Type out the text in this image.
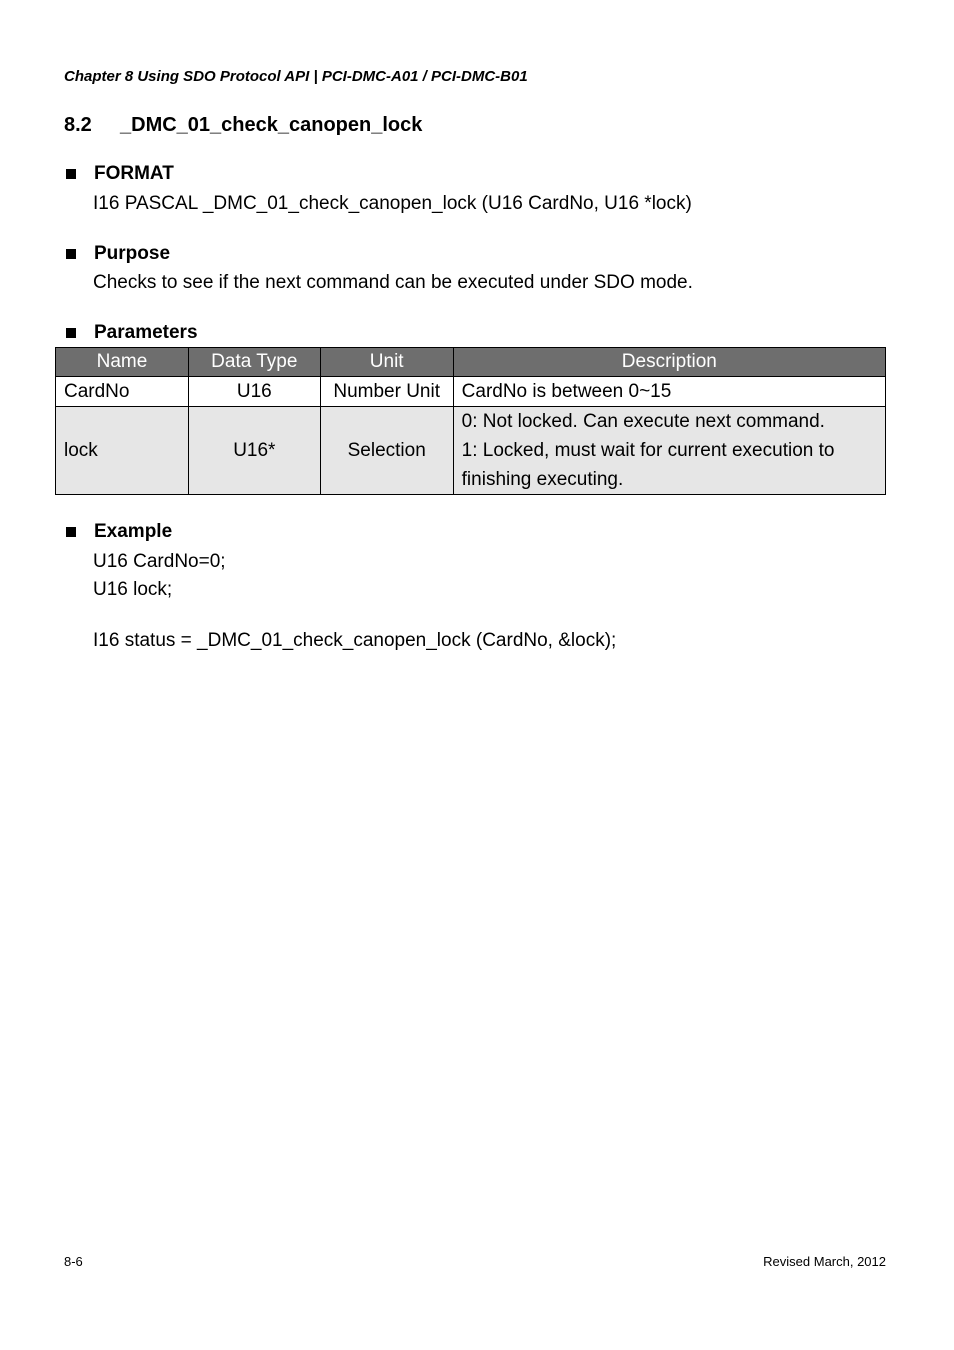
Chapter 8 Using SDO Protocol API | PCI-DMC-A01 / PCI-DMC-B01
8.2 _DMC_01_check_canopen_lock
FORMAT
I16 PASCAL _DMC_01_check_canopen_lock (U16 CardNo, U16 *lock)
Purpose
Checks to see if the next command can be executed under SDO mode.
Parameters
Name	Data Type	Unit	Description
CardNo	U16	Number Unit	CardNo is between 0~15
lock	U16*	Selection	0: Not locked. Can execute next command.
1: Locked, must wait for current execution to
finishing executing.
Example
U16 CardNo=0;
U16 lock;
I16 status = _DMC_01_check_canopen_lock (CardNo, &lock);
8-6	Revised March, 2012
